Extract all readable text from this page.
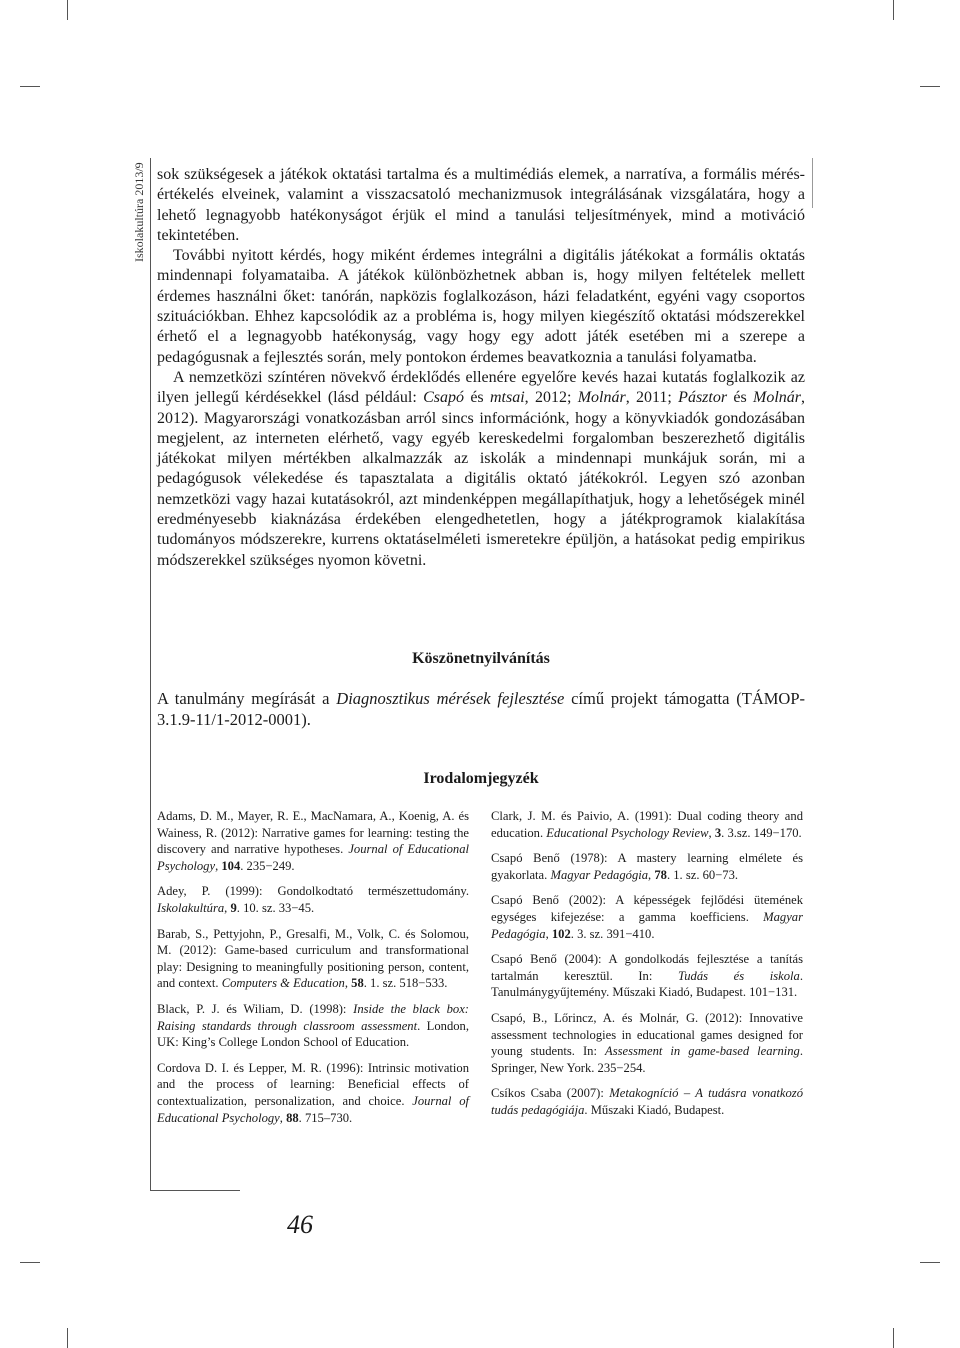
Iskolakultúra 2013/9 sok szükségesek a játékok oktatási tartalma és a multimédiás elemek, a narratíva, a formális mérés-értékelés elveinek, valamint a visszacsatoló mechanizmusok integrálásának vizsgálatára, hogy a lehető legnagyobb hatékonyságot érjük el mind a tanulási teljesítmények, mind a motiváció tekintetében.

További nyitott kérdés, hogy miként érdemes integrálni a digitális játékokat a formális oktatás mindennapi folyamataiba. A játékok különbözhetnek abban is, hogy milyen feltételek mellett érdemes használni őket: tanórán, napközis foglalkozáson, házi feladatként, egyéni vagy csoportos szituációkban. Ehhez kapcsolódik az a probléma is, hogy milyen kiegészítő oktatási módszerekkel érhető el a legnagyobb hatékonyság, vagy hogy egy adott játék esetében mi a szerepe a pedagógusnak a fejlesztés során, mely pontokon érdemes beavatkoznia a tanulási folyamatba.

A nemzetközi színtéren növekvő érdeklődés ellenére egyelőre kevés hazai kutatás foglalkozik az ilyen jellegű kérdésekkel (lásd például: Csapó és mtsai, 2012; Molnár, 2011; Pásztor és Molnár, 2012). Magyarországi vonatkozásban arról sincs információnk, hogy a könyvkiadók gondozásában megjelent, az interneten elérhető, vagy egyéb kereskedelmi forgalomban beszerezhető digitális játékokat milyen mértékben alkalmazzák az iskolák a mindennapi munkájuk során, mi a pedagógusok vélekedése és tapasztalata a digitális oktató játékokról. Legyen szó azonban nemzetközi vagy hazai kutatásokról, azt mindenképpen megállapíthatjuk, hogy a lehetőségek minél eredményesebb kiaknázása érdekében elengedhetetlen, hogy a játékprogramok kialakítása tudományos módszerekre, kurrens oktatáselméleti ismeretekre épüljön, a hatásokat pedig empirikus módszerekkel szükséges nyomon követni.

Köszönetnyilvánítás

A tanulmány megírását a Diagnosztikus mérések fejlesztése című projekt támogatta (TÁMOP-3.1.9-11/1-2012-0001).

Irodalomjegyzék

Adams, D. M., Mayer, R. E., MacNamara, A., Koenig, A. és Wainess, R. (2012): Narrative games for learning: testing the discovery and narrative hypotheses. Journal of Educational Psychology, 104. 235−249.

Adey, P. (1999): Gondolkodtató természettudomány. Iskolakultúra, 9. 10. sz. 33−45.

Barab, S., Pettyjohn, P., Gresalfi, M., Volk, C. és Solomou, M. (2012): Game-based curriculum and transformational play: Designing to meaningfully positioning person, content, and context. Computers & Education, 58. 1. sz. 518−533.

Black, P. J. és Wiliam, D. (1998): Inside the black box: Raising standards through classroom assessment. London, UK: King’s College London School of Education.

Cordova D. I. és Lepper, M. R. (1996): Intrinsic motivation and the process of learning: Beneficial effects of contextualization, personalization, and choice. Journal of Educational Psychology, 88. 715–730.

Clark, J. M. és Paivio, A. (1991): Dual coding theory and education. Educational Psychology Review, 3. 3.sz. 149−170.

Csapó Benő (1978): A mastery learning elmélete és gyakorlata. Magyar Pedagógia, 78. 1. sz. 60−73.

Csapó Benő (2002): A képességek fejlődési ütemének egységes kifejezése: a gamma koefficiens. Magyar Pedagógia, 102. 3. sz. 391−410.

Csapó Benő (2004): A gondolkodás fejlesztése a tanítás tartalmán keresztül. In: Tudás és iskola. Tanulmánygyűjtemény. Műszaki Kiadó, Budapest. 101−131.

Csapó, B., Lőrincz, A. és Molnár, G. (2012): Innovative assessment technologies in educational games designed for young students. In: Assessment in game-based learning. Springer, New York. 235−254.

Csíkos Csaba (2007): Metakogníció – A tudásra vonatkozó tudás pedagógiája. Műszaki Kiadó, Budapest.

46
